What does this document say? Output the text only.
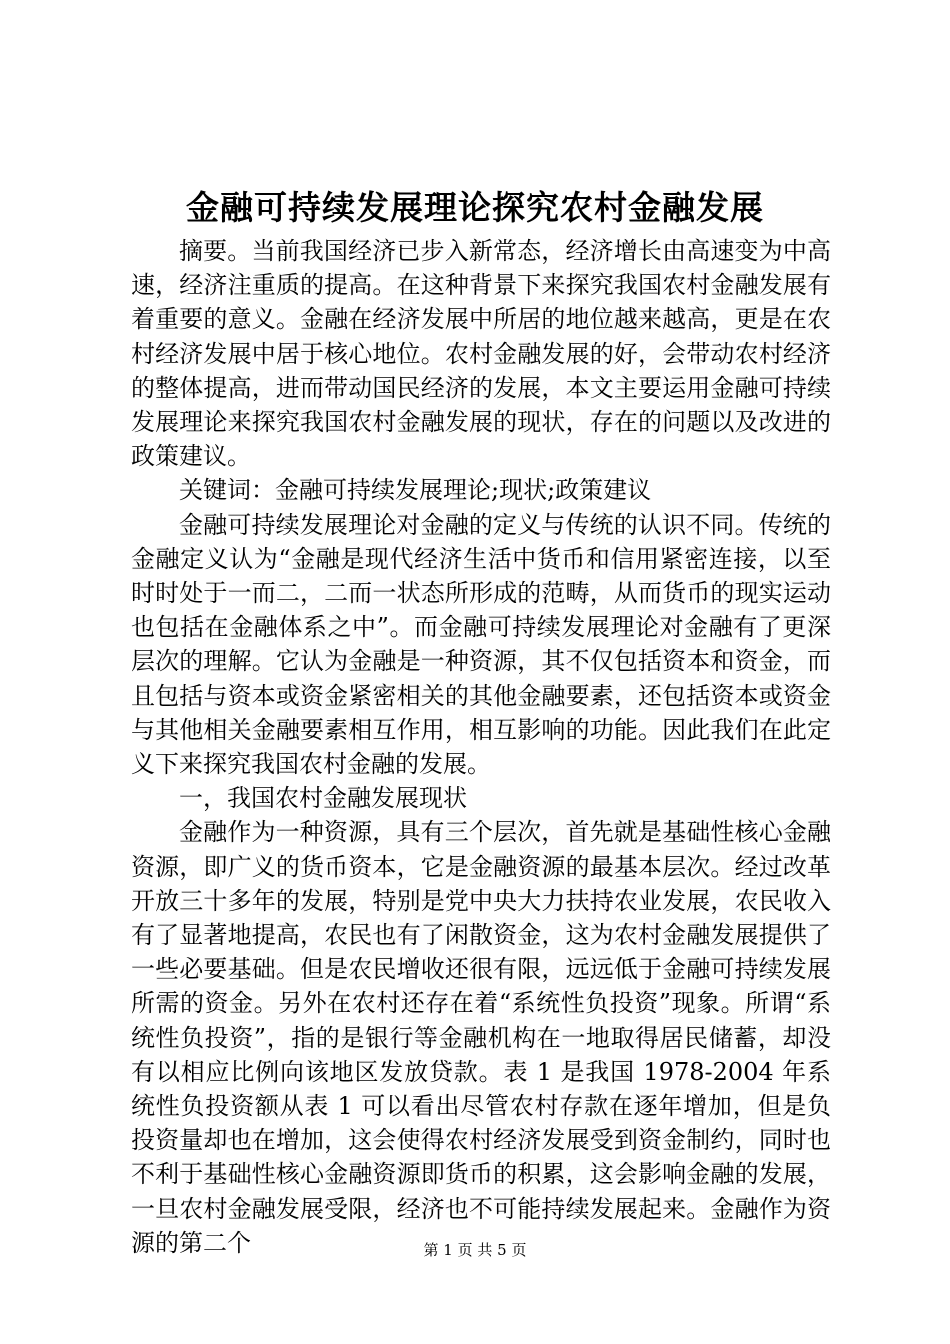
金融可持续发展理论探究农村金融发展

摘要。当前我国经济已步入新常态，经济增长由高速变为中高速，经济注重质的提高。在这种背景下来探究我国农村金融发展有着重要的意义。金融在经济发展中所居的地位越来越高，更是在农村经济发展中居于核心地位。农村金融发展的好，会带动农村经济的整体提高，进而带动国民经济的发展，本文主要运用金融可持续发展理论来探究我国农村金融发展的现状，存在的问题以及改进的政策建议。

关键词：金融可持续发展理论;现状;政策建议

金融可持续发展理论对金融的定义与传统的认识不同。传统的金融定义认为“金融是现代经济生活中货币和信用紧密连接，以至时时处于一而二，二而一状态所形成的范畴，从而货币的现实运动也包括在金融体系之中”。而金融可持续发展理论对金融有了更深层次的理解。它认为金融是一种资源，其不仅包括资本和资金，而且包括与资本或资金紧密相关的其他金融要素，还包括资本或资金与其他相关金融要素相互作用，相互影响的功能。因此我们在此定义下来探究我国农村金融的发展。

一，我国农村金融发展现状

金融作为一种资源，具有三个层次，首先就是基础性核心金融资源，即广义的货币资本，它是金融资源的最基本层次。经过改革开放三十多年的发展，特别是党中央大力扶持农业发展，农民收入有了显著地提高，农民也有了闲散资金，这为农村金融发展提供了一些必要基础。但是农民增收还很有限，远远低于金融可持续发展所需的资金。另外在农村还存在着“系统性负投资”现象。所谓“系统性负投资”，指的是银行等金融机构在一地取得居民储蓄，却没有以相应比例向该地区发放贷款。表 1 是我国 1978-2004 年系统性负投资额从表 1 可以看出尽管农村存款在逐年增加，但是负投资量却也在增加，这会使得农村经济发展受到资金制约，同时也不利于基础性核心金融资源即货币的积累，这会影响金融的发展，一旦农村金融发展受限，经济也不可能持续发展起来。金融作为资源的第二个	第 1 页 共 5 页
